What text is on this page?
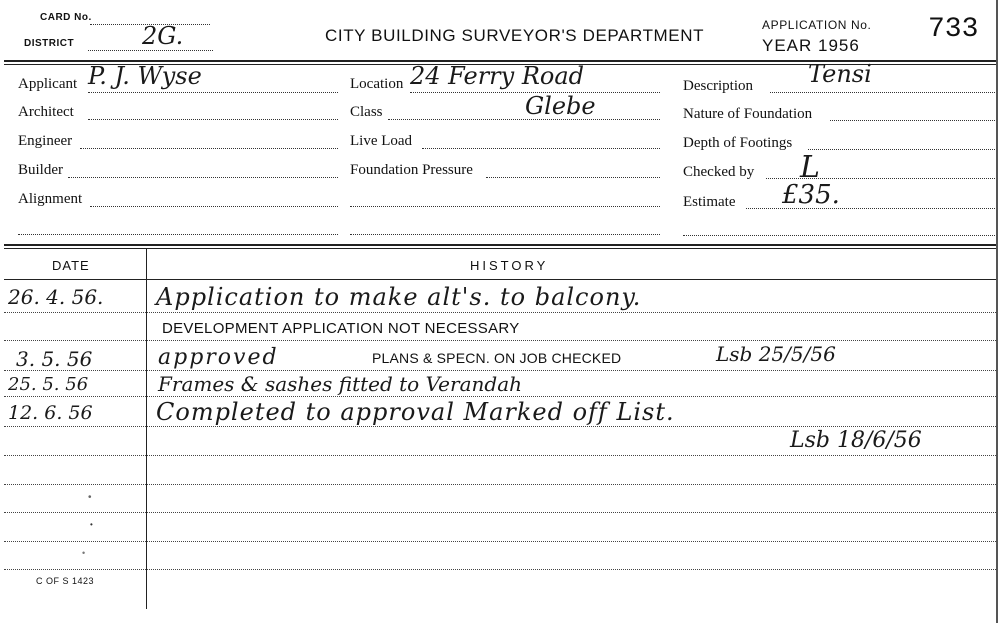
CARD No.
DISTRICT	2G.	CITY BUILDING SURVEYOR'S DEPARTMENT
APPLICATION No. 733
YEAR 1956
Applicant P. J. Wyse
Architect
Engineer
Builder
Alignment
Location 24 Ferry Road
Class	Glebe
Live Load
Foundation Pressure
Description Tensi
Nature of Foundation
Depth of Footings
Checked by L
Estimate £35.
DATE	HISTORY
26. 4. 56. Application to make alt's. to balcony.
DEVELOPMENT APPLICATION NOT NECESSARY
3. 5. 56	approved	PLANS & SPECN. ON JOB CHECKED	Lsb 25/5/56
25. 5. 56	Frames & sashes fitted to Verandah
12. 6. 56	Completed to approval Marked off List.
Lsb 18/6/56
•
•
•
C OF S 1423
